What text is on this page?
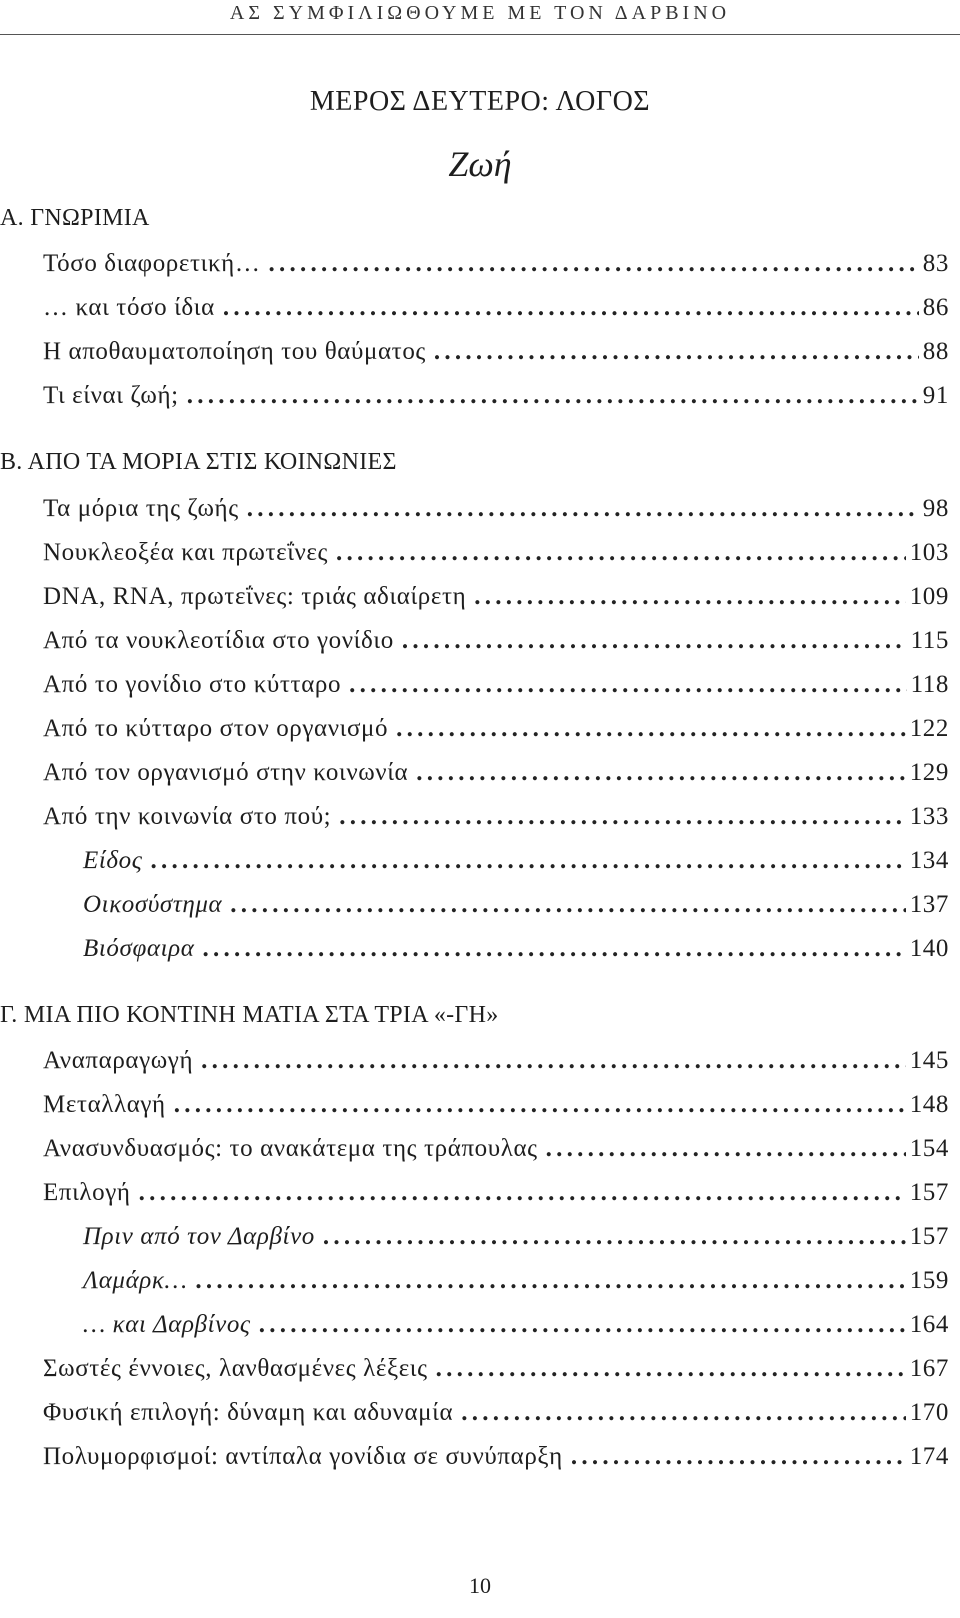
ΑΣ ΣΥΜΦΙΛΙΩΘΟΥΜΕ ΜΕ ΤΟΝ ΔΑΡΒΙΝΟ
ΜΕΡΟΣ ΔΕΥΤΕΡΟ: ΛΟΓΟΣ
Ζωή
Α. ΓΝΩΡΙΜΙΑ
Τόσο διαφορετική… . . .	83
… και τόσο ίδια . . .	86
Η αποθαυματοποίηση του θαύματος . . .	88
Τι είναι ζωή; . . .	91
Β. ΑΠΟ ΤΑ ΜΟΡΙΑ ΣΤΙΣ ΚΟΙΝΩΝΙΕΣ
Τα μόρια της ζωής . . .	98
Νουκλεοξέα και πρωτεΐνες . . .	103
DNA, RNA, πρωτεΐνες: τριάς αδιαίρετη . . .	109
Από τα νουκλεοτίδια στο γονίδιο . . .	115
Από το γονίδιο στο κύτταρο . . .	118
Από το κύτταρο στον οργανισμό . . .	122
Από τον οργανισμό στην κοινωνία . . .	129
Από την κοινωνία στο πού; . . .	133
Είδος . . .	134
Οικοσύστημα . . .	137
Βιόσφαιρα . . .	140
Γ. ΜΙΑ ΠΙΟ ΚΟΝΤΙΝΗ ΜΑΤΙΑ ΣΤΑ ΤΡΙΑ «-ΓΗ»
Αναπαραγωγή . . .	145
Μεταλλαγή . . .	148
Ανασυνδυασμός: το ανακάτεμα της τράπουλας . . .	154
Επιλογή . . .	157
Πριν από τον Δαρβίνο . . .	157
Λαμάρκ… . . .	159
… και Δαρβίνος . . .	164
Σωστές έννοιες, λανθασμένες λέξεις . . .	167
Φυσική επιλογή: δύναμη και αδυναμία . . .	170
Πολυμορφισμοί: αντίπαλα γονίδια σε συνύπαρξη . . .	174
10
